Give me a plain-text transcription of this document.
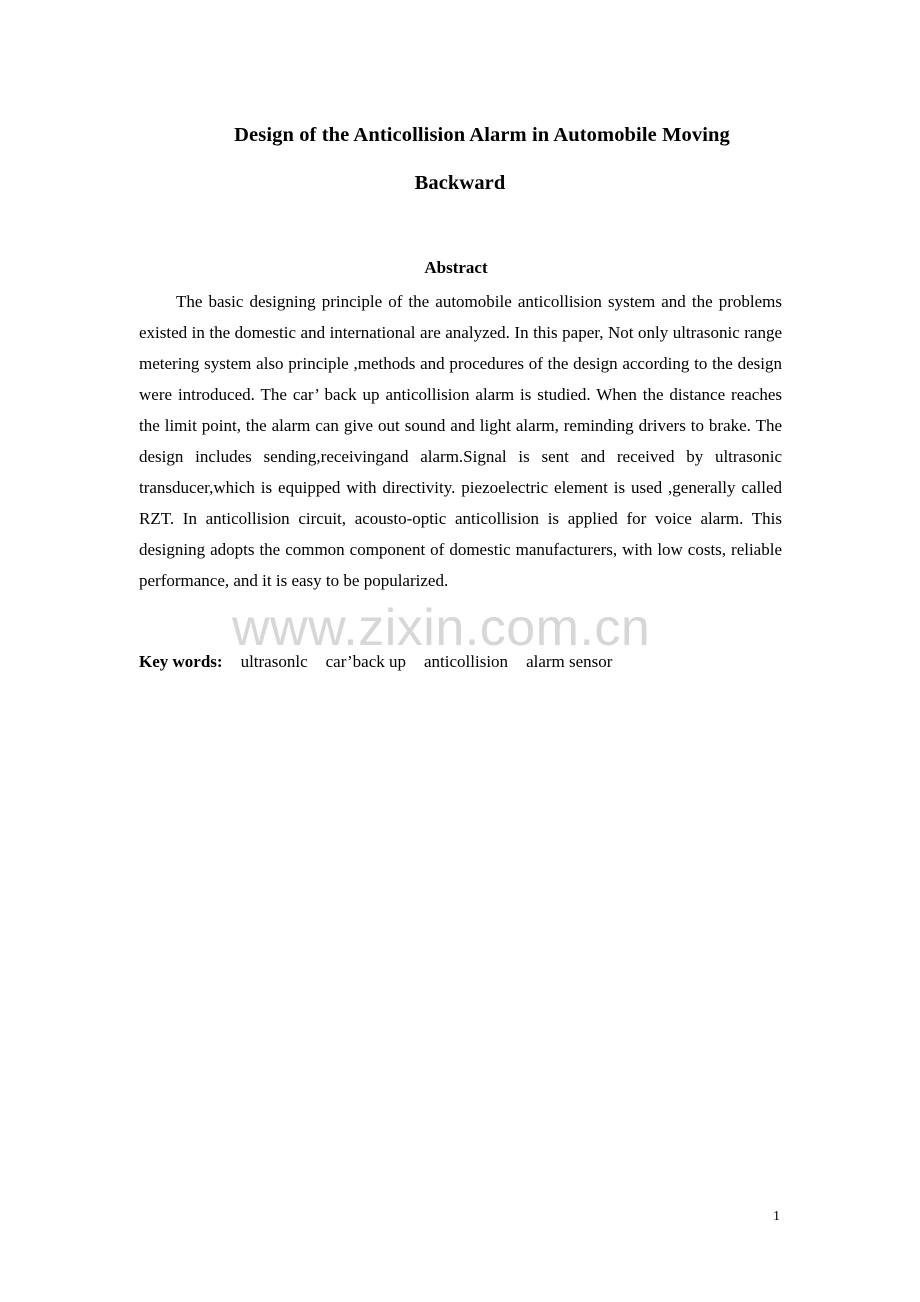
Design of the Anticollision Alarm in Automobile Moving
Backward
Abstract

The basic designing principle of the automobile anticollision system and the problems existed in the domestic and international are analyzed. In this paper, Not only ultrasonic range metering system also principle ,methods and procedures of the design according to the design were introduced. The car’ back up anticollision alarm is studied. When the distance reaches the limit point, the alarm can give out sound and light alarm, reminding drivers to brake. The design includes sending,receivingand alarm.Signal is sent and received by ultrasonic transducer,which is equipped with directivity. piezoelectric element is used ,generally called RZT. In anticollision circuit, acousto-optic anticollision is applied for voice alarm. This designing adopts the common component of domestic manufacturers, with low costs, reliable performance, and it is easy to be popularized.

www.zixin.com.cn
Key words: ultrasonlc car’back up anticollision alarm sensor
1
